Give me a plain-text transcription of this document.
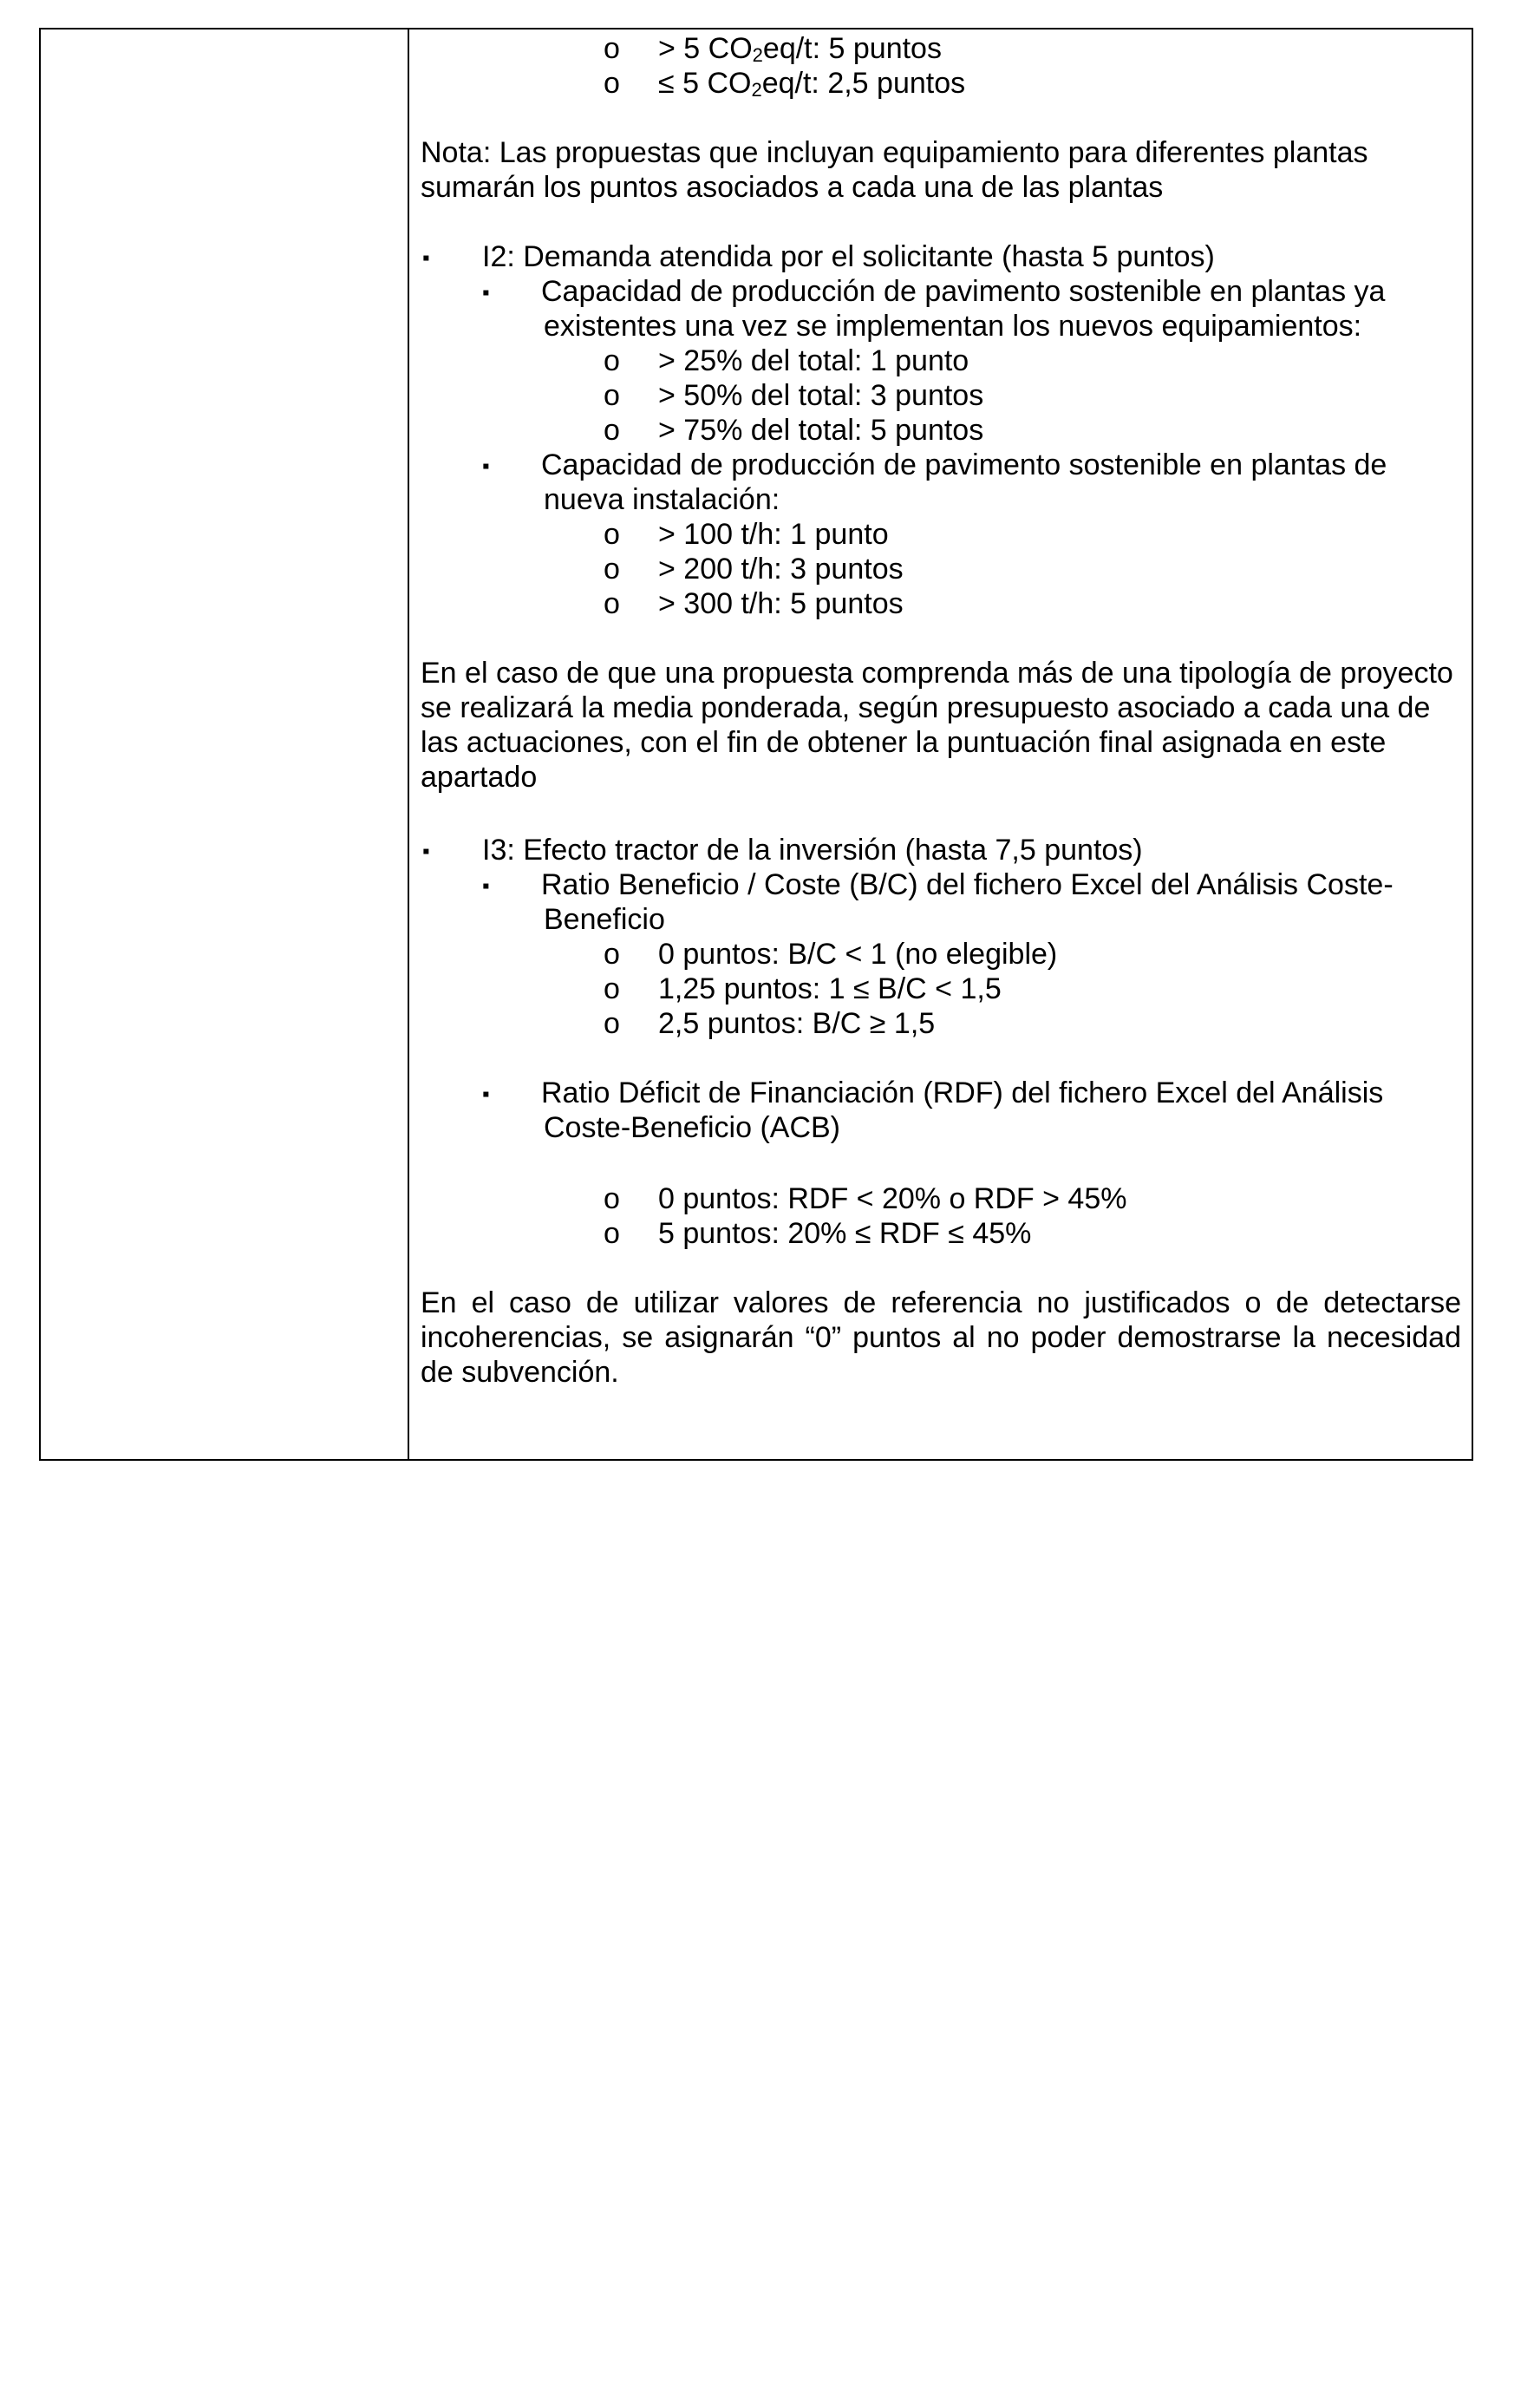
o > 5 $CO_2eq/t$: 5 puntos
o ≤ 5 $CO_2eq/t$: 2,5 puntos
Nota: Las propuestas que incluyan equipamiento para diferentes plantas sumarán los puntos asociados a cada una de las plantas
▪ I2: Demanda atendida por el solicitante (hasta 5 puntos)
▪ Capacidad de producción de pavimento sostenible en plantas ya
existentes una vez se implementan los nuevos equipamientos:
o > 25% del total: 1 punto
o > 50% del total: 3 puntos
o > 75% del total: 5 puntos
▪ Capacidad de producción de pavimento sostenible en plantas de
nueva instalación:
o > 100 t/h: 1 punto
o > 200 t/h: 3 puntos
o > 300 t/h: 5 puntos
En el caso de que una propuesta comprenda más de una tipología de proyecto se realizará la media ponderada, según presupuesto asociado a cada una de las actuaciones, con el fin de obtener la puntuación final asignada en este apartado
▪ I3: Efecto tractor de la inversión (hasta 7,5 puntos)
▪ Ratio Beneficio / Coste (B/C) del fichero Excel del Análisis Coste-
Beneficio
o 0 puntos: B/C < 1 (no elegible)
o 1,25 puntos: 1 ≤ B/C < 1,5
o 2,5 puntos: B/C ≥ 1,5
▪ Ratio Déficit de Financiación (RDF) del fichero Excel del Análisis
Coste-Beneficio (ACB)
o 0 puntos: RDF < 20% o RDF > 45%
o 5 puntos: 20% ≤ RDF ≤ 45%
En el caso de utilizar valores de referencia no justificados o de detectarse incoherencias, se asignarán “0” puntos al no poder demostrarse la necesidad de subvención.
